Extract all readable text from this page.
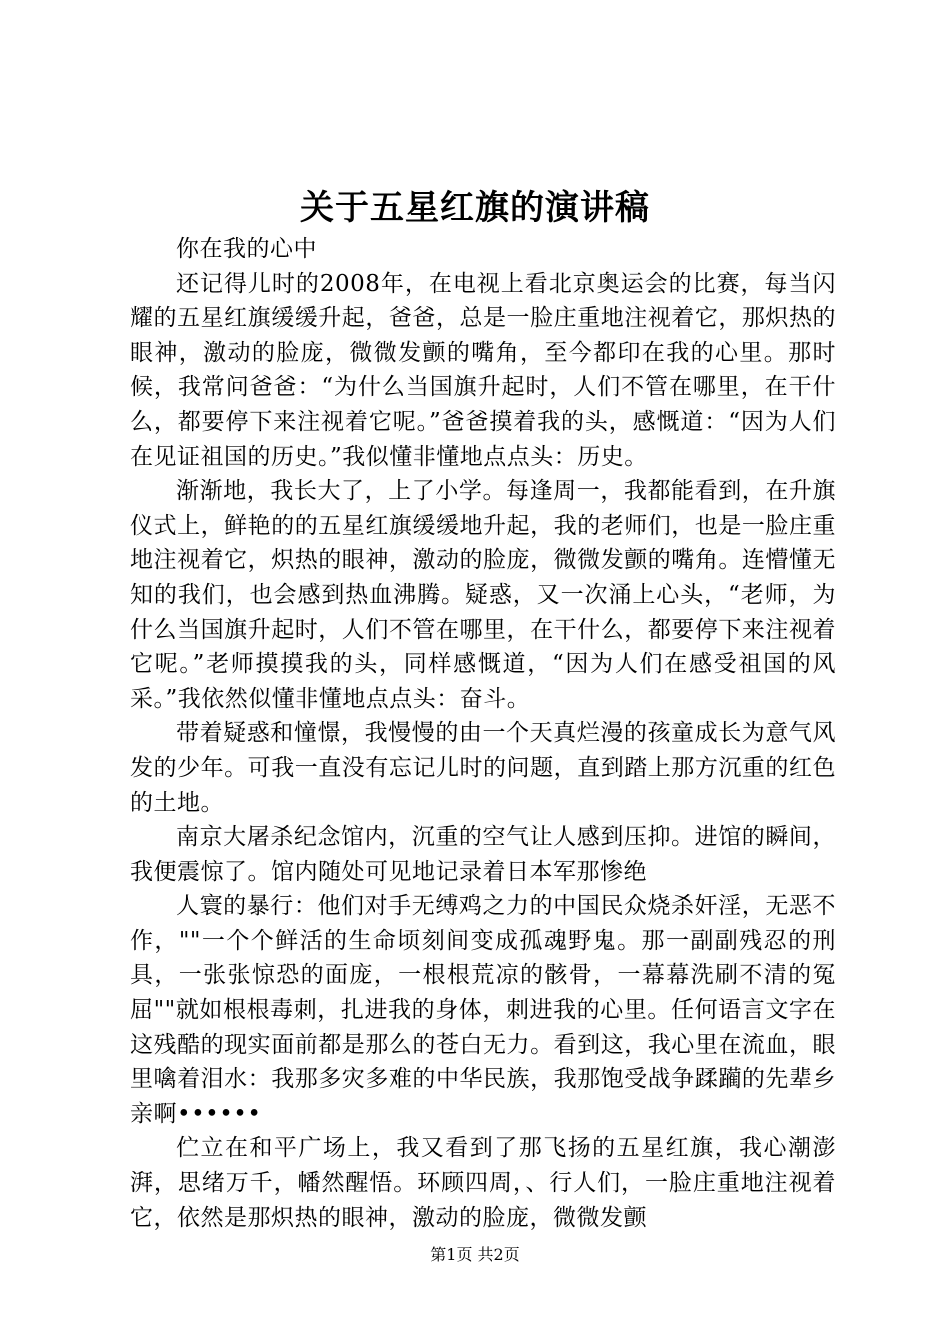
关于五星红旗的演讲稿

你在我的心中

还记得儿时的2008年，在电视上看北京奥运会的比赛，每当闪耀的五星红旗缓缓升起，爸爸，总是一脸庄重地注视着它，那炽热的眼神，激动的脸庞，微微发颤的嘴角，至今都印在我的心里。那时候，我常问爸爸：“为什么当国旗升起时，人们不管在哪里，在干什么，都要停下来注视着它呢。”爸爸摸着我的头，感慨道：“因为人们在见证祖国的历史。”我似懂非懂地点点头：历史。

渐渐地，我长大了，上了小学。每逢周一，我都能看到，在升旗仪式上，鲜艳的的五星红旗缓缓地升起，我的老师们，也是一脸庄重地注视着它，炽热的眼神，激动的脸庞，微微发颤的嘴角。连懵懂无知的我们，也会感到热血沸腾。疑惑，又一次涌上心头，“老师，为什么当国旗升起时，人们不管在哪里，在干什么，都要停下来注视着它呢。”老师摸摸我的头，同样感慨道，“因为人们在感受祖国的风采。”我依然似懂非懂地点点头：奋斗。

带着疑惑和憧憬，我慢慢的由一个天真烂漫的孩童成长为意气风发的少年。可我一直没有忘记儿时的问题，直到踏上那方沉重的红色的土地。

南京大屠杀纪念馆内，沉重的空气让人感到压抑。进馆的瞬间，我便震惊了。馆内随处可见地记录着日本军那惨绝

人寰的暴行：他们对手无缚鸡之力的中国民众烧杀奸淫，无恶不作，""一个个鲜活的生命顷刻间变成孤魂野鬼。那一副副残忍的刑具，一张张惊恐的面庞，一根根荒凉的骸骨，一幕幕洗刷不清的冤屈""就如根根毒刺，扎进我的身体，刺进我的心里。任何语言文字在这残酷的现实面前都是那么的苍白无力。看到这，我心里在流血，眼里噙着泪水：我那多灾多难的中华民族，我那饱受战争蹂躏的先辈乡亲啊••••••

伫立在和平广场上，我又看到了那飞扬的五星红旗，我心潮澎湃，思绪万千，幡然醒悟。环顾四周，、行人们，一脸庄重地注视着它，依然是那炽热的眼神，激动的脸庞，微微发颤

第1页 共2页
